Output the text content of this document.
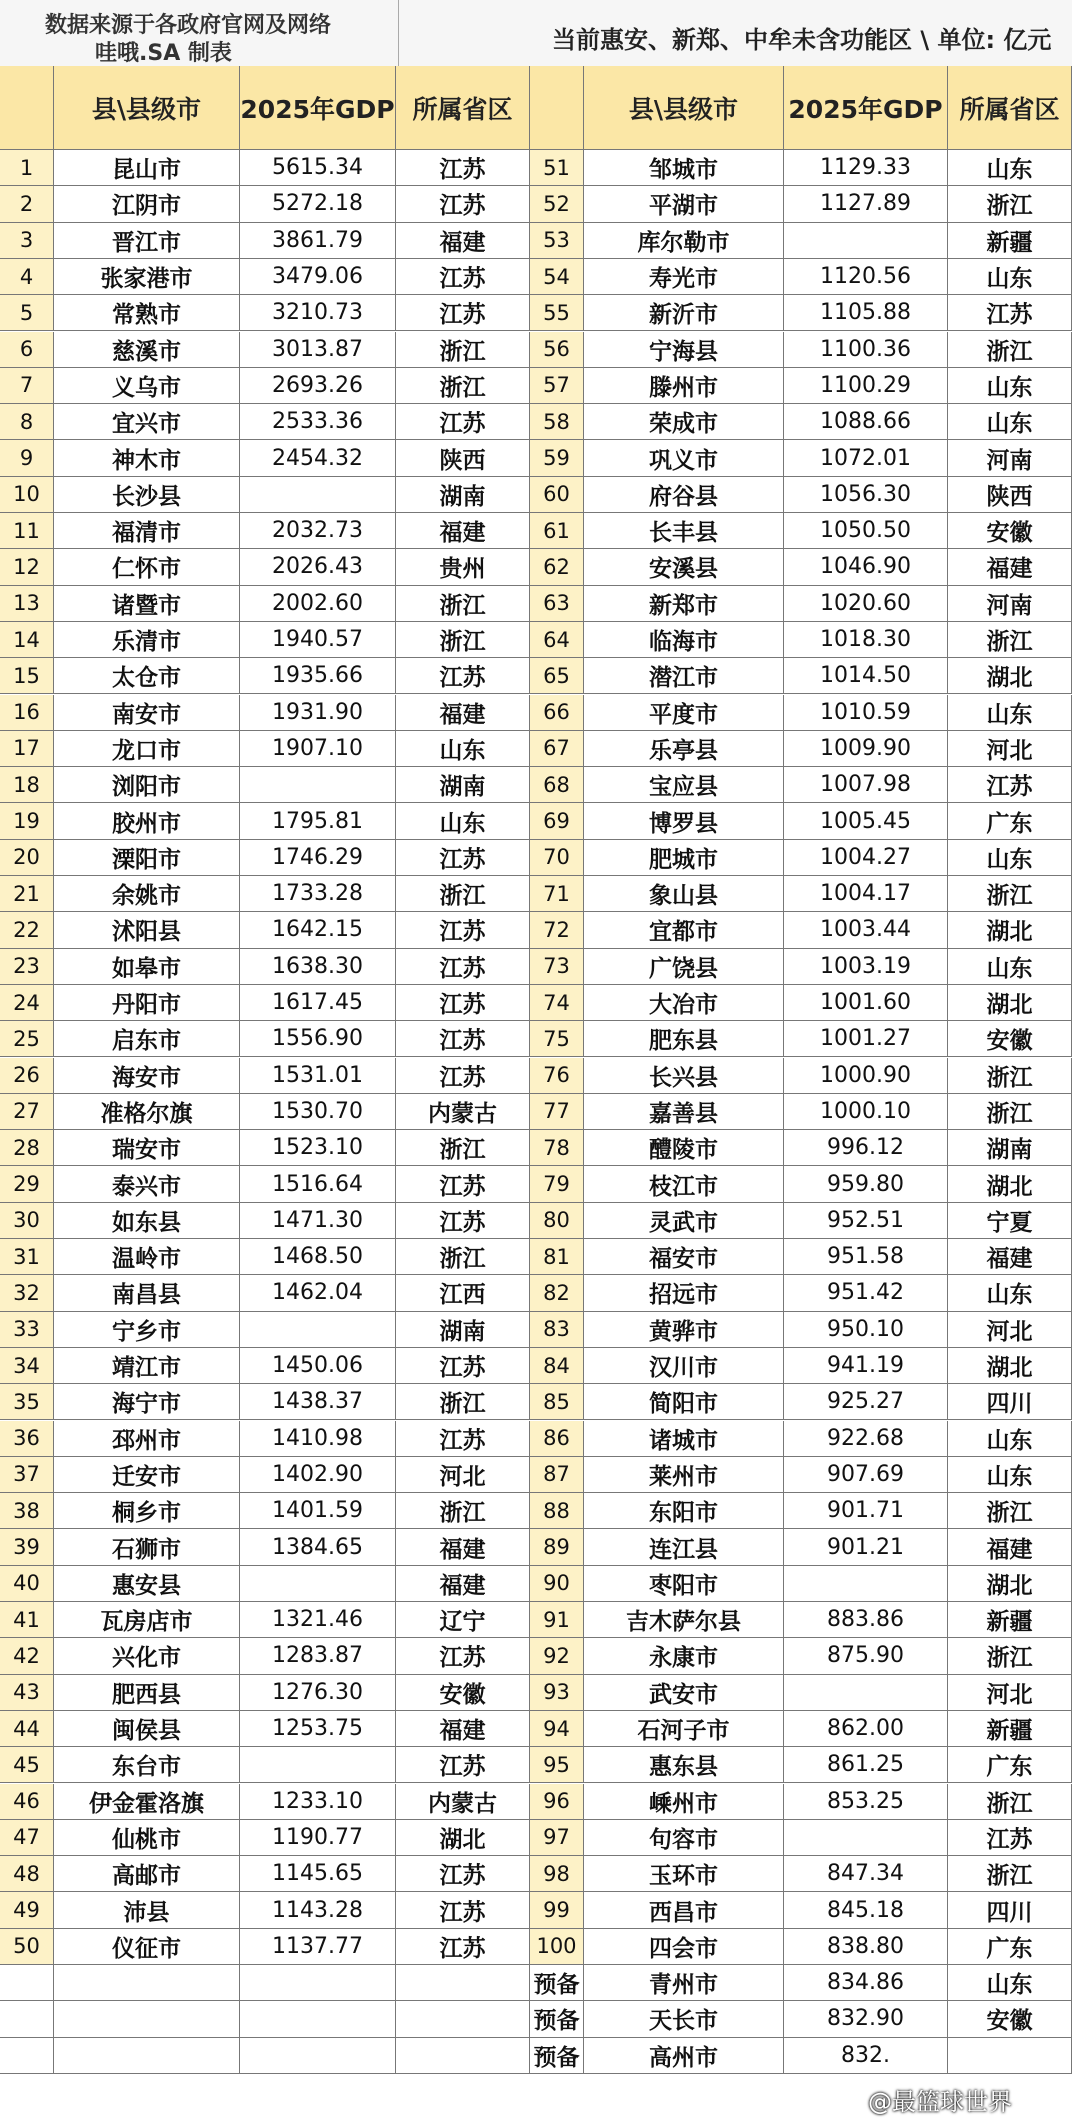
数据来源于各政府官网及网络
哇哦.SA 制表	当前惠安、新郑、中牟未含功能区 \ 单位: 亿元
县\县级市	2025年GDP 所属省区	县\县级市	2025年GDP 所属省区
1	昆山市	5615.34	江苏	51	邹城市	1129.33	山东
2	江阴市	5272.18	江苏	52	平湖市	1127.89	浙江
3	晋江市	3861.79	福建	53	库尔勒市	新疆
4	张家港市	3479.06	江苏	54	寿光市	1120.56	山东
5	常熟市	3210.73	江苏	55	新沂市	1105.88	江苏
6	慈溪市	3013.87	浙江	56	宁海县	1100.36	浙江
7	义乌市	2693.26	浙江	57	滕州市	1100.29	山东
8	宜兴市	2533.36	江苏	58	荣成市	1088.66	山东
9	神木市	2454.32	陕西	59	巩义市	1072.01	河南
10	长沙县	湖南	60	府谷县	1056.30	陕西
11	福清市	2032.73	福建	61	长丰县	1050.50	安徽
12	仁怀市	2026.43	贵州	62	安溪县	1046.90	福建
13	诸暨市	2002.60	浙江	63	新郑市	1020.60	河南
14	乐清市	1940.57	浙江	64	临海市	1018.30	浙江
15	太仓市	1935.66	江苏	65	潜江市	1014.50	湖北
16	南安市	1931.90	福建	66	平度市	1010.59	山东
17	龙口市	1907.10	山东	67	乐亭县	1009.90	河北
18	浏阳市	湖南	68	宝应县	1007.98	江苏
19	胶州市	1795.81	山东	69	博罗县	1005.45	广东
20	溧阳市	1746.29	江苏	70	肥城市	1004.27	山东
21	余姚市	1733.28	浙江	71	象山县	1004.17	浙江
22	沭阳县	1642.15	江苏	72	宜都市	1003.44	湖北
23	如皋市	1638.30	江苏	73	广饶县	1003.19	山东
24	丹阳市	1617.45	江苏	74	大冶市	1001.60	湖北
25	启东市	1556.90	江苏	75	肥东县	1001.27	安徽
26	海安市	1531.01	江苏	76	长兴县	1000.90	浙江
27	准格尔旗	1530.70	内蒙古	77	嘉善县	1000.10	浙江
28	瑞安市	1523.10	浙江	78	醴陵市	996.12	湖南
29	泰兴市	1516.64	江苏	79	枝江市	959.80	湖北
30	如东县	1471.30	江苏	80	灵武市	952.51	宁夏
31	温岭市	1468.50	浙江	81	福安市	951.58	福建
32	南昌县	1462.04	江西	82	招远市	951.42	山东
33	宁乡市	湖南	83	黄骅市	950.10	河北
34	靖江市	1450.06	江苏	84	汉川市	941.19	湖北
35	海宁市	1438.37	浙江	85	简阳市	925.27	四川
36	邳州市	1410.98	江苏	86	诸城市	922.68	山东
37	迁安市	1402.90	河北	87	莱州市	907.69	山东
38	桐乡市	1401.59	浙江	88	东阳市	901.71	浙江
39	石狮市	1384.65	福建	89	连江县	901.21	福建
40	惠安县	福建	90	枣阳市	湖北
41	瓦房店市	1321.46	辽宁	91	吉木萨尔县	883.86	新疆
42	兴化市	1283.87	江苏	92	永康市	875.90	浙江
43	肥西县	1276.30	安徽	93	武安市	河北
44	闽侯县	1253.75	福建	94	石河子市	862.00	新疆
45	东台市	江苏	95	惠东县	861.25	广东
46	伊金霍洛旗	1233.10	内蒙古	96	嵊州市	853.25	浙江
47	仙桃市	1190.77	湖北	97	句容市	江苏
48	高邮市	1145.65	江苏	98	玉环市	847.34	浙江
49	沛县	1143.28	江苏	99	西昌市	845.18	四川
50	仪征市	1137.77	江苏	100	四会市	838.80	广东
预备	青州市	834.86	山东
预备	天长市	832.90	安徽
预备	高州市	832.
@最篮球世界
